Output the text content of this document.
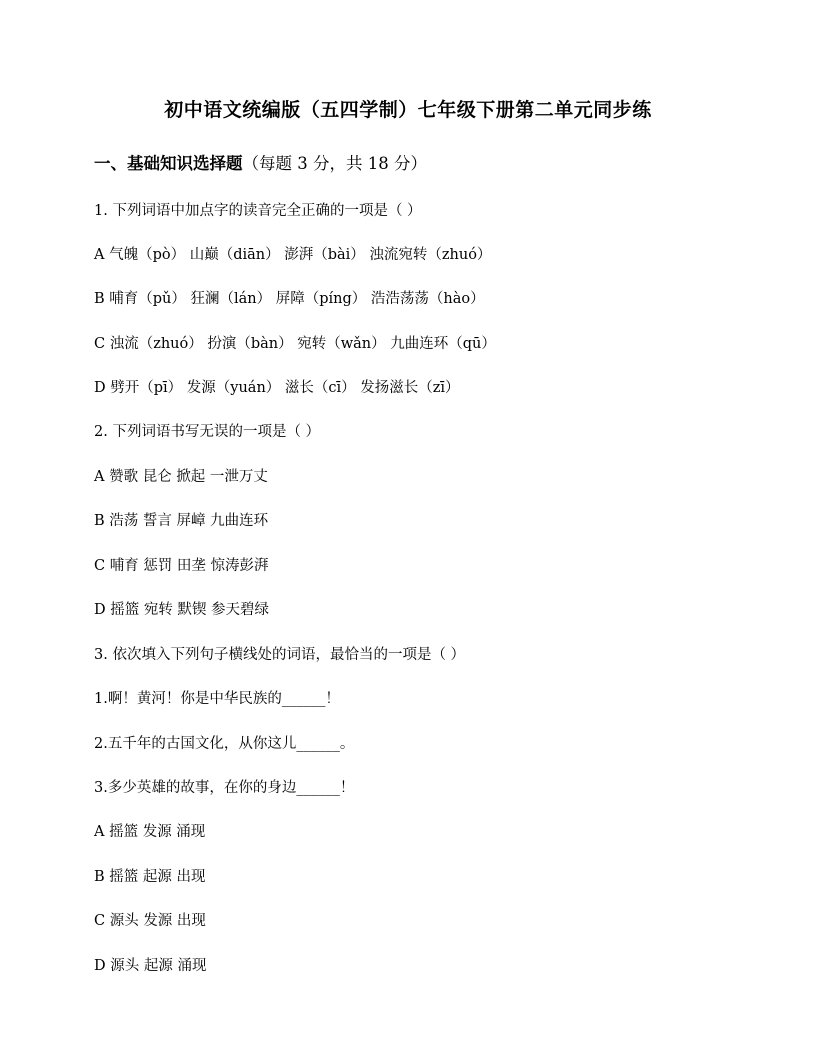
初中语文统编版（五四学制）七年级下册第二单元同步练
一、基础知识选择题（每题 3 分，共 18 分）
1. 下列词语中加点字的读音完全正确的一项是（ ）
A 气魄（pò） 山巅（diān） 澎湃（bài） 浊流宛转（zhuó）
B 哺育（pǔ） 狂澜（lán） 屏障（píng） 浩浩荡荡（hào）
C 浊流（zhuó） 扮演（bàn） 宛转（wǎn） 九曲连环（qū）
D 劈开（pī） 发源（yuán） 滋长（cī） 发扬滋长（zī）
2. 下列词语书写无误的一项是（ ）
A 赞歌 昆仑 掀起 一泄万丈
B 浩荡 誓言 屏嶂 九曲连环
C 哺育 惩罚 田垄 惊涛彭湃
D 摇篮 宛转 默锲 参天碧绿
3. 依次填入下列句子横线处的词语，最恰当的一项是（ ）
1.啊！黄河！你是中华民族的______！
2.五千年的古国文化，从你这儿______。
3.多少英雄的故事，在你的身边______！
A 摇篮 发源 涌现
B 摇篮 起源 出现
C 源头 发源 出现
D 源头 起源 涌现
